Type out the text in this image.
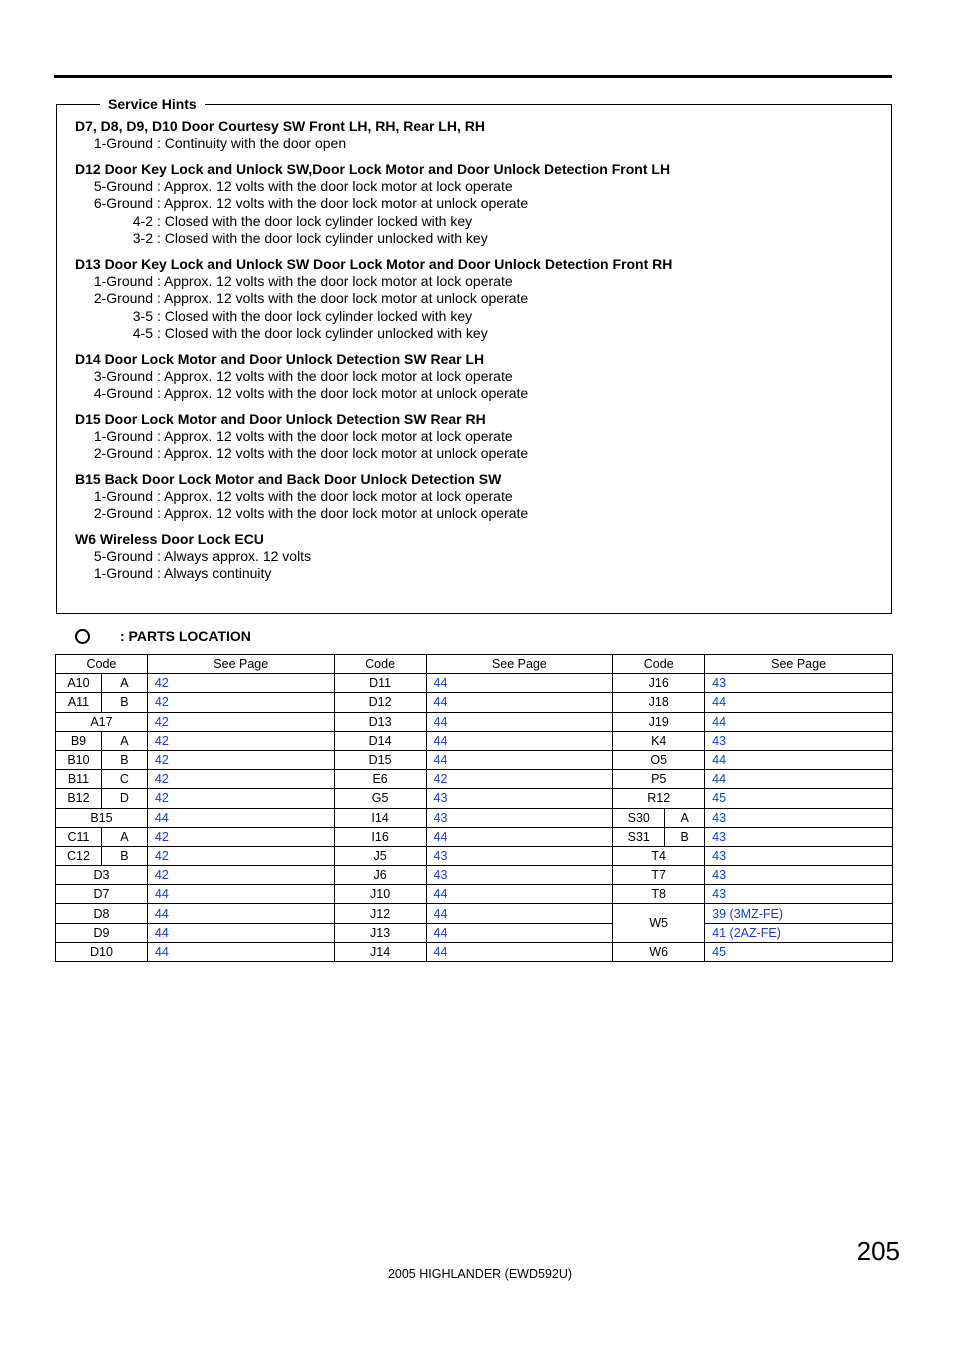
Service Hints
D7, D8, D9, D10 Door Courtesy SW Front LH, RH, Rear LH, RH
1-Ground : Continuity with the door open
D12 Door Key Lock and Unlock SW,Door Lock Motor and Door Unlock Detection Front LH
5-Ground : Approx. 12 volts with the door lock motor at lock operate
6-Ground : Approx. 12 volts with the door lock motor at unlock operate
4-2 : Closed with the door lock cylinder locked with key
3-2 : Closed with the door lock cylinder unlocked with key
D13 Door Key Lock and Unlock SW Door Lock Motor and Door Unlock Detection Front RH
1-Ground : Approx. 12 volts with the door lock motor at lock operate
2-Ground : Approx. 12 volts with the door lock motor at unlock operate
3-5 : Closed with the door lock cylinder locked with key
4-5 : Closed with the door lock cylinder unlocked with key
D14 Door Lock Motor and Door Unlock Detection SW Rear LH
3-Ground : Approx. 12 volts with the door lock motor at lock operate
4-Ground : Approx. 12 volts with the door lock motor at unlock operate
D15 Door Lock Motor and Door Unlock Detection SW Rear RH
1-Ground : Approx. 12 volts with the door lock motor at lock operate
2-Ground : Approx. 12 volts with the door lock motor at unlock operate
B15 Back Door Lock Motor and Back Door Unlock Detection SW
1-Ground : Approx. 12 volts with the door lock motor at lock operate
2-Ground : Approx. 12 volts with the door lock motor at unlock operate
W6 Wireless Door Lock ECU
5-Ground : Always approx. 12 volts
1-Ground : Always continuity
: PARTS LOCATION
Code		See Page	Code	See Page	Code		See Page
A10	A	42	D11	44	J16		43
A11	B	42	D12	44	J18		44
A17		42	D13	44	J19		44
B9	A	42	D14	44	K4		43
B10	B	42	D15	44	O5		44
B11	C	42	E6	42	P5		44
B12	D	42	G5	43	R12		45
B15		44	I14	43	S30	A	43
C11	A	42	I16	44	S31	B	43
C12	B	42	J5	43	T4		43
D3		42	J6	43	T7		43
D7		44	J10	44	T8		43
D8		44	J12	44	W5		39 (3MZ-FE)
D9		44	J13	44			41 (2AZ-FE)
D10		44	J14	44	W6		45
205
2005 HIGHLANDER (EWD592U)
